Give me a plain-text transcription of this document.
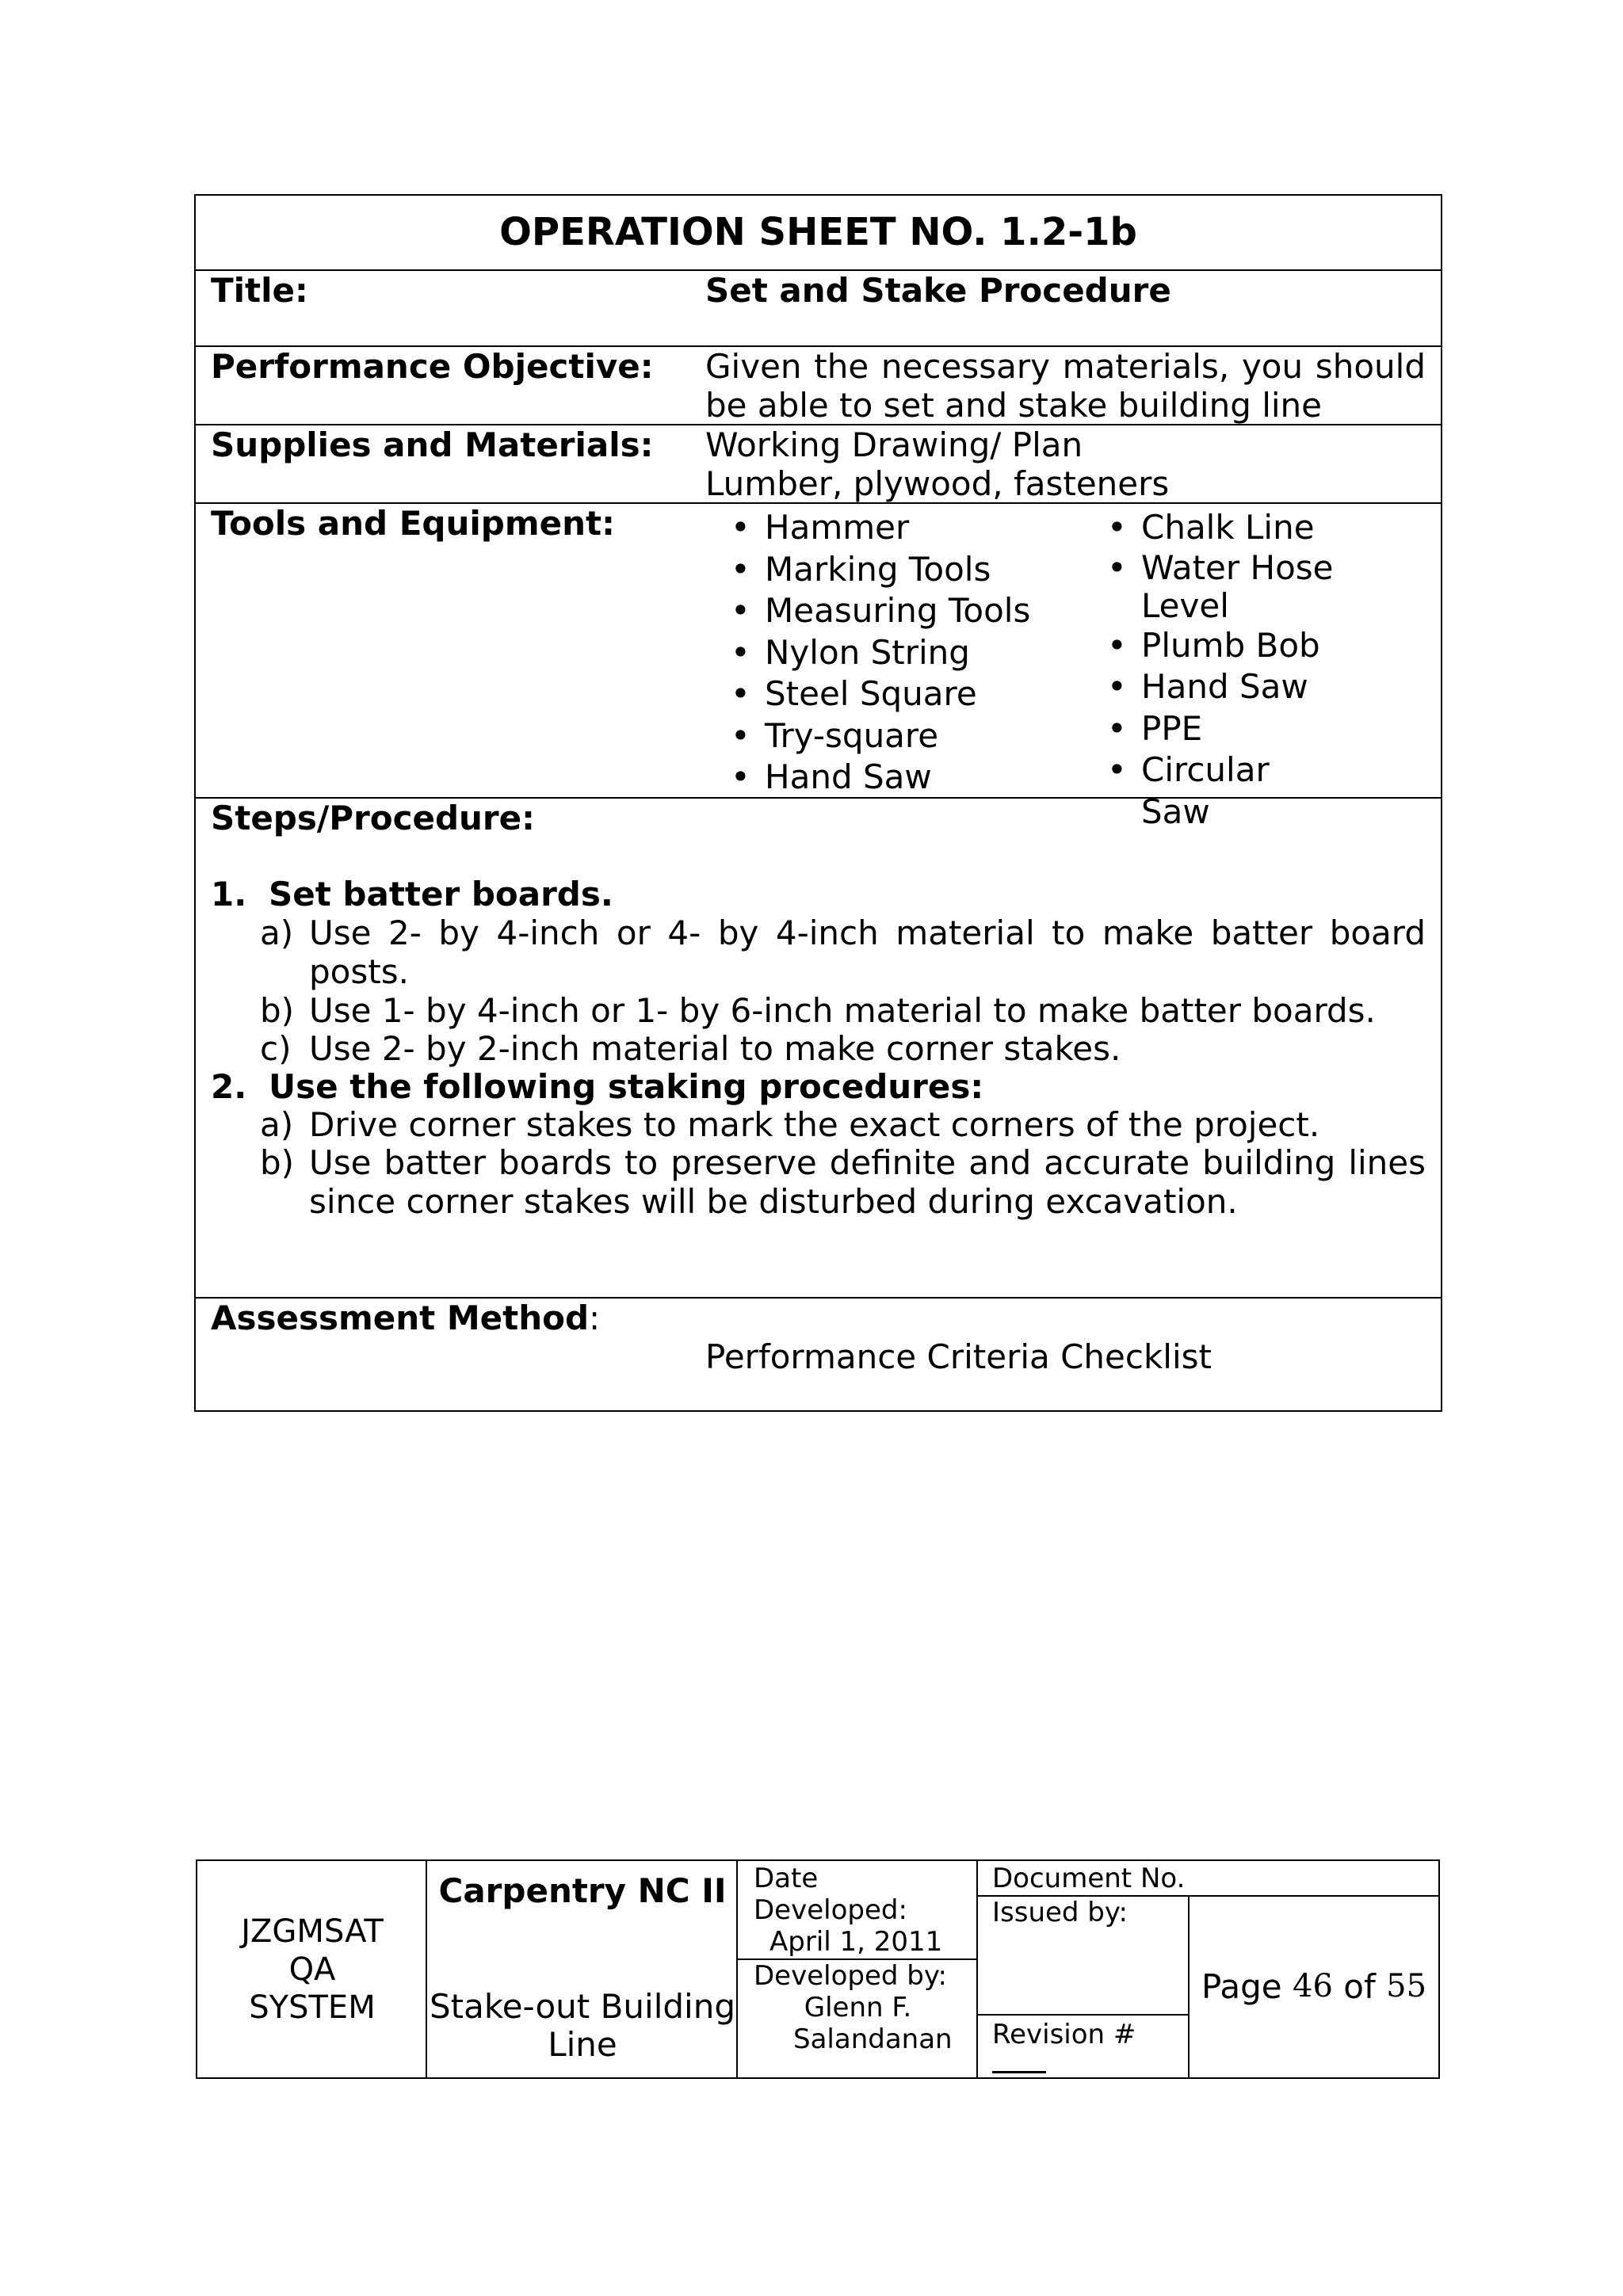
OPERATION SHEET NO. 1.2-1b
Title:	Set and Stake Procedure
Performance Objective: Given the necessary materials, you should be able to set and stake building line
Supplies and Materials: Working Drawing/ Plan
Lumber, plywood, fasteners
Tools and Equipment:
•	Hammer
• Marking Tools
• Measuring Tools
• Nylon String
• Steel Square
• Try-square
• Hand Saw
• Chalk Line
• Water Hose Level
• Plumb Bob
• Hand Saw
• PPE
• Circular Saw
Steps/Procedure:
1. Set batter boards.
a) Use 2- by 4-inch or 4- by 4-inch material to make batter board posts.
b) Use 1- by 4-inch or 1- by 6-inch material to make batter boards.
c) Use 2- by 2-inch material to make corner stakes.
2. Use the following staking procedures:
a) Drive corner stakes to mark the exact corners of the project.
b) Use batter boards to preserve definite and accurate building lines since corner stakes will be disturbed during excavation.
Assessment Method:
Performance Criteria Checklist
JZGMSAT
QA
SYSTEM
Carpentry NC II
Stake-out Building Line
Date Developed:
April 1, 2011
Developed by:
Glenn F. Salandanan
Document No.
Issued by:
Revision #
Page
46
of
55
